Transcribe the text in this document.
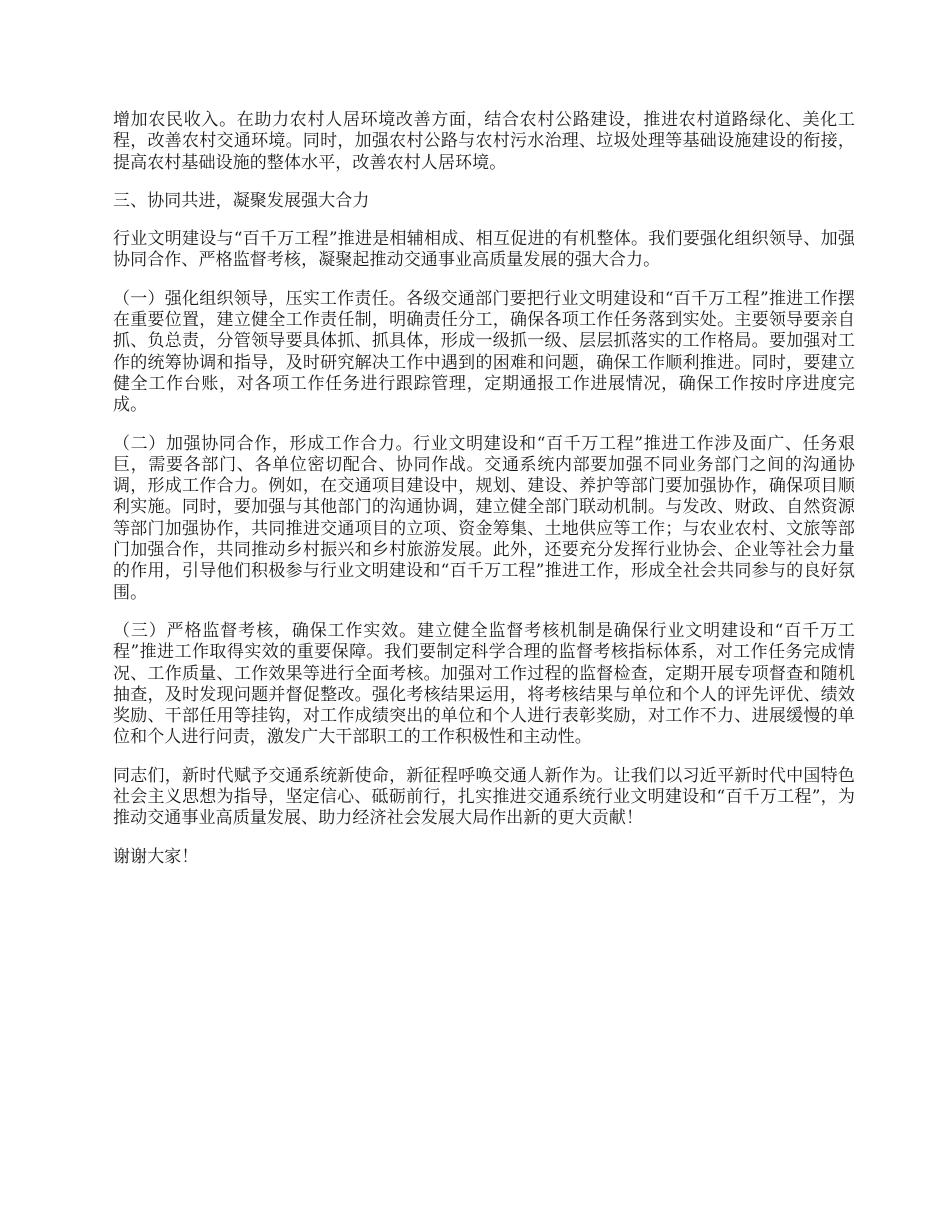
增加农民收入。在助力农村人居环境改善方面，结合农村公路建设，推进农村道路绿化、美化工程，改善农村交通环境。同时，加强农村公路与农村污水治理、垃圾处理等基础设施建设的衔接，提高农村基础设施的整体水平，改善农村人居环境。

三、协同共进，凝聚发展强大合力

行业文明建设与“百千万工程”推进是相辅相成、相互促进的有机整体。我们要强化组织领导、加强协同合作、严格监督考核，凝聚起推动交通事业高质量发展的强大合力。

（一）强化组织领导，压实工作责任。各级交通部门要把行业文明建设和“百千万工程”推进工作摆在重要位置，建立健全工作责任制，明确责任分工，确保各项工作任务落到实处。主要领导要亲自抓、负总责，分管领导要具体抓、抓具体，形成一级抓一级、层层抓落实的工作格局。要加强对工作的统筹协调和指导，及时研究解决工作中遇到的困难和问题，确保工作顺利推进。同时，要建立健全工作台账，对各项工作任务进行跟踪管理，定期通报工作进展情况，确保工作按时序进度完成。

（二）加强协同合作，形成工作合力。行业文明建设和“百千万工程”推进工作涉及面广、任务艰巨，需要各部门、各单位密切配合、协同作战。交通系统内部要加强不同业务部门之间的沟通协调，形成工作合力。例如，在交通项目建设中，规划、建设、养护等部门要加强协作，确保项目顺利实施。同时，要加强与其他部门的沟通协调，建立健全部门联动机制。与发改、财政、自然资源等部门加强协作，共同推进交通项目的立项、资金筹集、土地供应等工作；与农业农村、文旅等部门加强合作，共同推动乡村振兴和乡村旅游发展。此外，还要充分发挥行业协会、企业等社会力量的作用，引导他们积极参与行业文明建设和“百千万工程”推进工作，形成全社会共同参与的良好氛围。

（三）严格监督考核，确保工作实效。建立健全监督考核机制是确保行业文明建设和“百千万工程”推进工作取得实效的重要保障。我们要制定科学合理的监督考核指标体系，对工作任务完成情况、工作质量、工作效果等进行全面考核。加强对工作过程的监督检查，定期开展专项督查和随机抽查，及时发现问题并督促整改。强化考核结果运用，将考核结果与单位和个人的评先评优、绩效奖励、干部任用等挂钩，对工作成绩突出的单位和个人进行表彰奖励，对工作不力、进展缓慢的单位和个人进行问责，激发广大干部职工的工作积极性和主动性。

同志们，新时代赋予交通系统新使命，新征程呼唤交通人新作为。让我们以习近平新时代中国特色社会主义思想为指导，坚定信心、砥砺前行，扎实推进交通系统行业文明建设和“百千万工程”，为推动交通事业高质量发展、助力经济社会发展大局作出新的更大贡献！

谢谢大家！
